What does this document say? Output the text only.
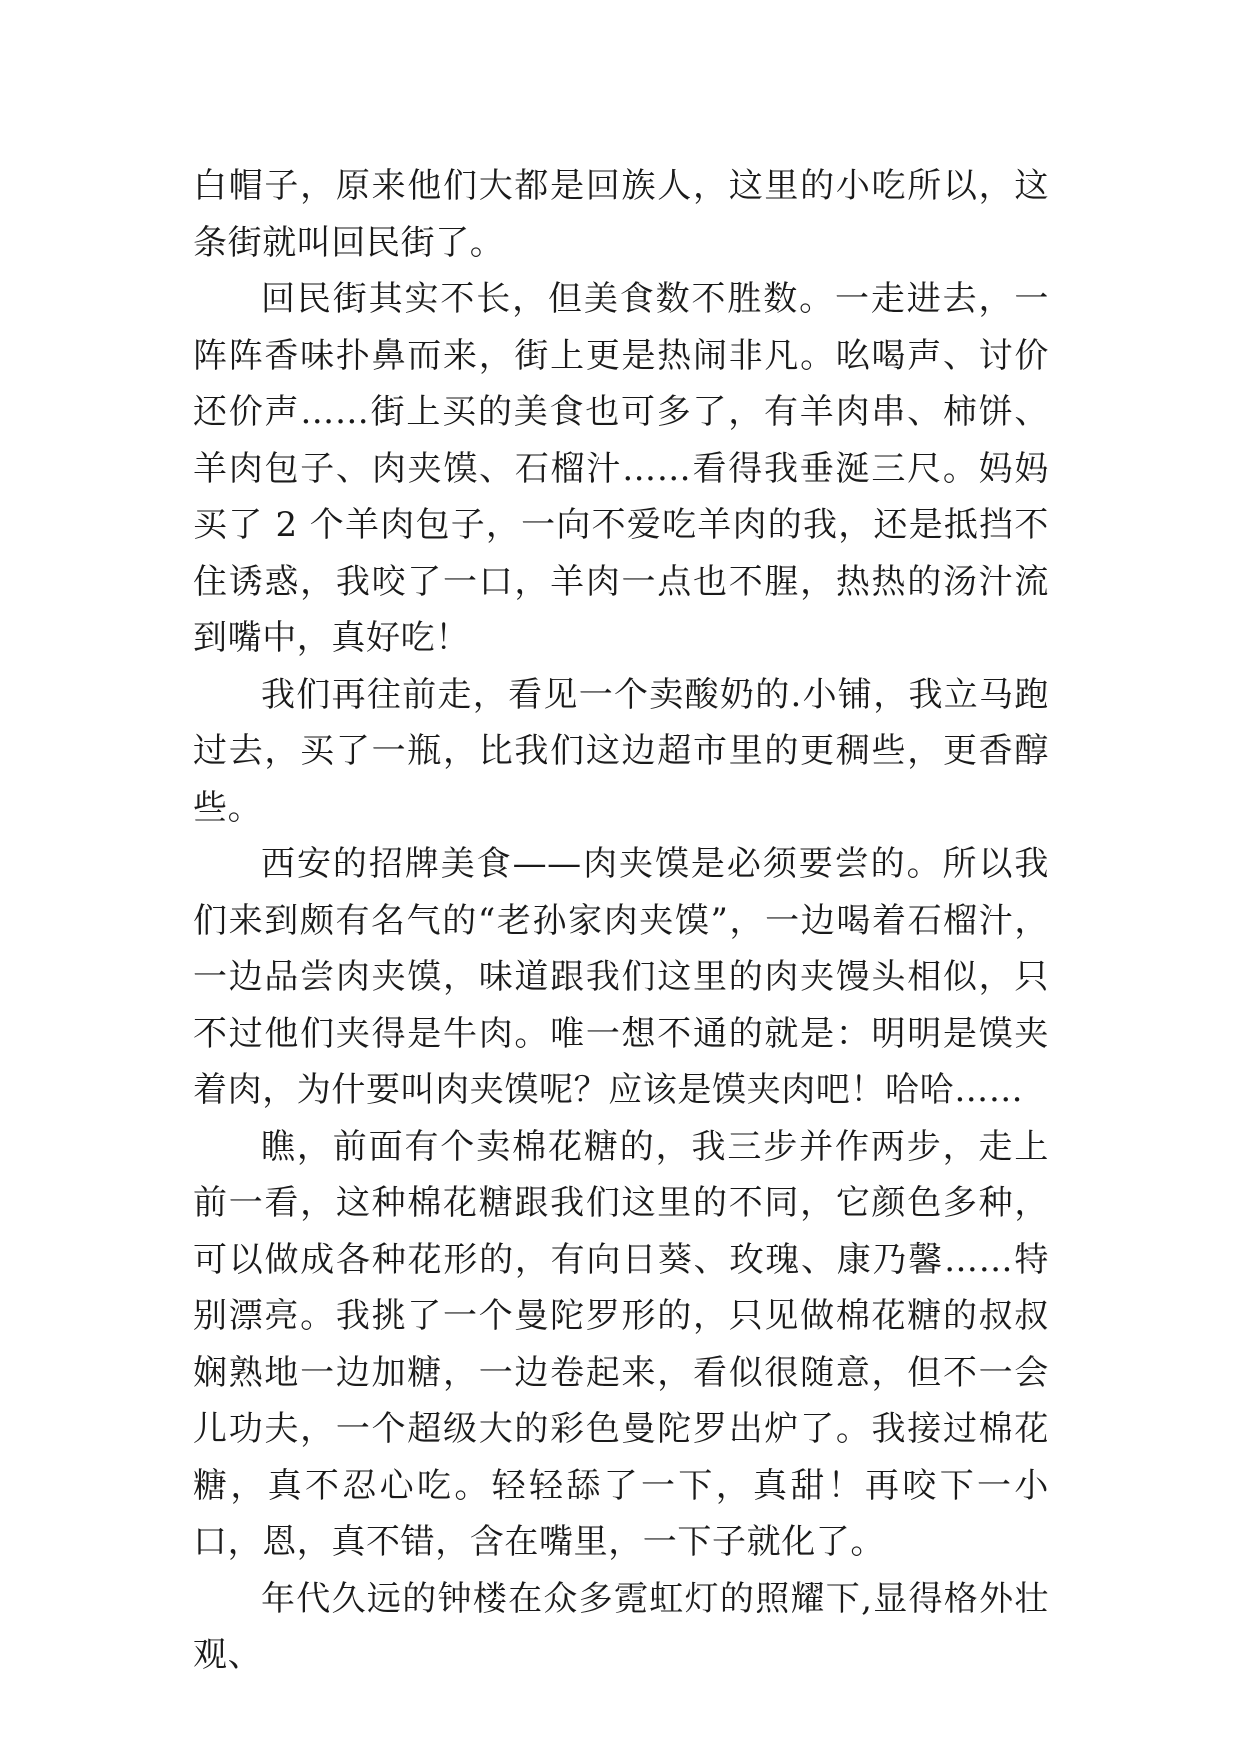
白帽子，原来他们大都是回族人，这里的小吃所以，这条街就叫回民街了。

回民街其实不长，但美食数不胜数。一走进去，一阵阵香味扑鼻而来，街上更是热闹非凡。吆喝声、讨价还价声……街上买的美食也可多了，有羊肉串、柿饼、羊肉包子、肉夹馍、石榴汁……看得我垂涎三尺。妈妈买了 2 个羊肉包子，一向不爱吃羊肉的我，还是抵挡不住诱惑，我咬了一口，羊肉一点也不腥，热热的汤汁流到嘴中，真好吃！

我们再往前走，看见一个卖酸奶的.小铺，我立马跑过去，买了一瓶，比我们这边超市里的更稠些，更香醇些。

西安的招牌美食——肉夹馍是必须要尝的。所以我们来到颇有名气的“老孙家肉夹馍”，一边喝着石榴汁，一边品尝肉夹馍，味道跟我们这里的肉夹馒头相似，只不过他们夹得是牛肉。唯一想不通的就是：明明是馍夹着肉，为什要叫肉夹馍呢？应该是馍夹肉吧！哈哈……

瞧，前面有个卖棉花糖的，我三步并作两步，走上前一看，这种棉花糖跟我们这里的不同，它颜色多种，可以做成各种花形的，有向日葵、玫瑰、康乃馨……特别漂亮。我挑了一个曼陀罗形的，只见做棉花糖的叔叔娴熟地一边加糖，一边卷起来，看似很随意，但不一会儿功夫，一个超级大的彩色曼陀罗出炉了。我接过棉花糖，真不忍心吃。轻轻舔了一下，真甜！再咬下一小口，恩，真不错，含在嘴里，一下子就化了。

年代久远的钟楼在众多霓虹灯的照耀下,显得格外壮观、
